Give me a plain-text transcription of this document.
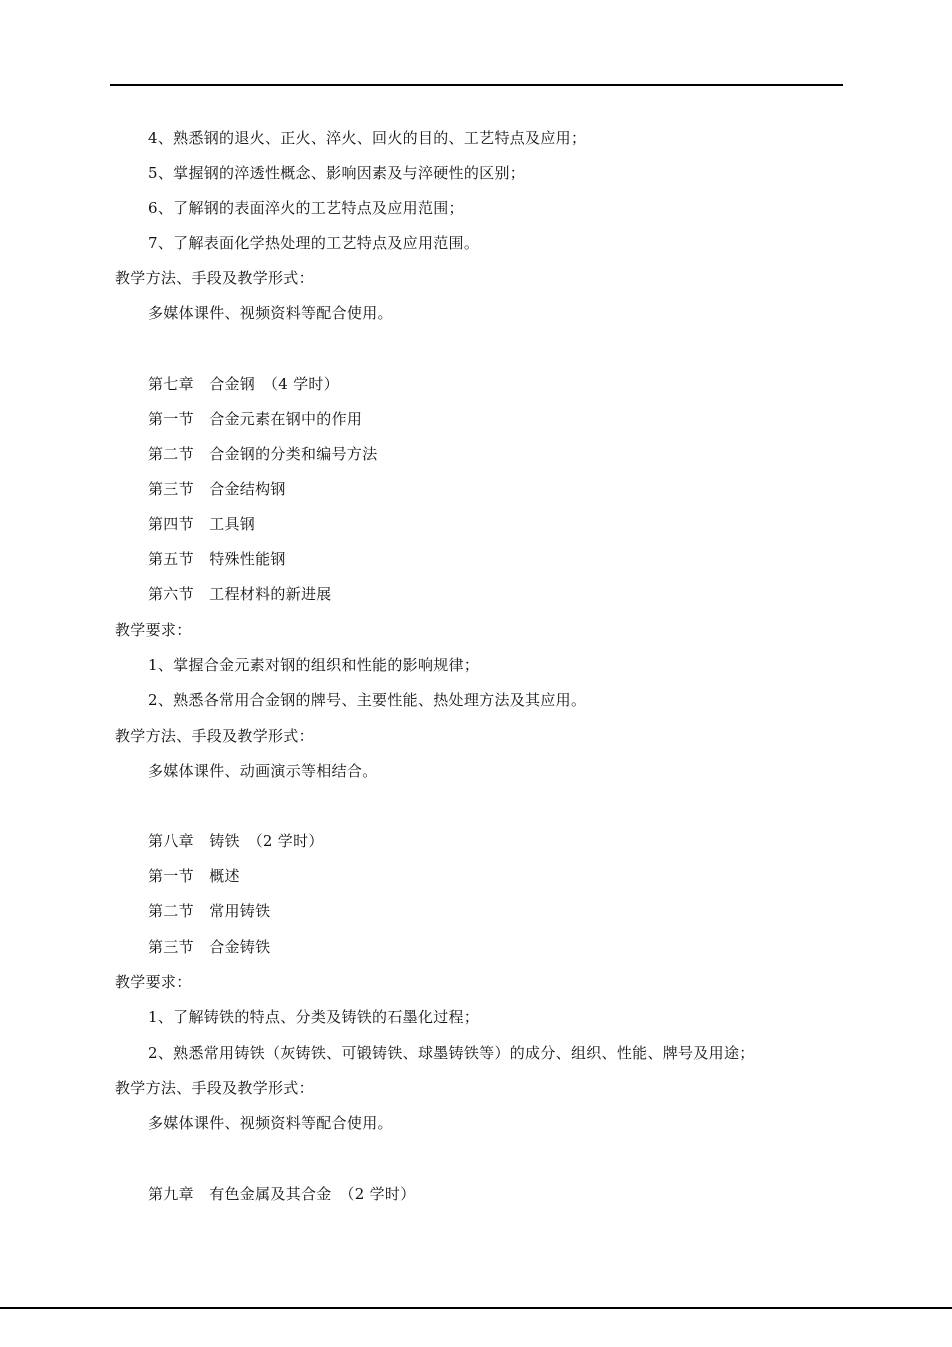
4、熟悉钢的退火、正火、淬火、回火的目的、工艺特点及应用；
5、掌握钢的淬透性概念、影响因素及与淬硬性的区别；
6、了解钢的表面淬火的工艺特点及应用范围；
7、了解表面化学热处理的工艺特点及应用范围。
教学方法、手段及教学形式：
多媒体课件、视频资料等配合使用。
第七章　合金钢　（4 学时）
第一节　合金元素在钢中的作用
第二节　合金钢的分类和编号方法
第三节　合金结构钢
第四节　工具钢
第五节　特殊性能钢
第六节　工程材料的新进展
教学要求：
1、掌握合金元素对钢的组织和性能的影响规律；
2、熟悉各常用合金钢的牌号、主要性能、热处理方法及其应用。
教学方法、手段及教学形式：
多媒体课件、动画演示等相结合。
第八章　铸铁　（2 学时）
第一节　概述
第二节　常用铸铁
第三节　合金铸铁
教学要求：
1、了解铸铁的特点、分类及铸铁的石墨化过程；
2、熟悉常用铸铁（灰铸铁、可锻铸铁、球墨铸铁等）的成分、组织、性能、牌号及用途；
教学方法、手段及教学形式：
多媒体课件、视频资料等配合使用。
第九章　有色金属及其合金　（2 学时）
